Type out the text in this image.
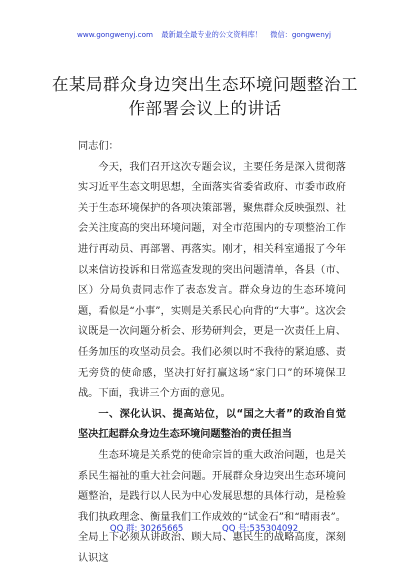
www.gongwenyj.com 最新最全最专业的公文资料库！ 微信：gongwenyj
在某局群众身边突出生态环境问题整治工作部署会议上的讲话

同志们：

今天，我们召开这次专题会议，主要任务是深入贯彻落实习近平生态文明思想，全面落实省委省政府、市委市政府关于生态环境保护的各项决策部署，聚焦群众反映强烈、社会关注度高的突出环境问题，对全市范围内的专项整治工作进行再动员、再部署、再落实。刚才，相关科室通报了今年以来信访投诉和日常巡查发现的突出问题清单，各县（市、区）分局负责同志作了表态发言。群众身边的生态环境问题，看似是“小事”，实则是关系民心向背的“大事”。这次会议既是一次问题分析会、形势研判会，更是一次责任上肩、任务加压的攻坚动员会。我们必须以时不我待的紧迫感、责无旁贷的使命感，坚决打好打赢这场“家门口”的环境保卫战。下面，我讲三个方面的意见。

一、深化认识、提高站位，以“国之大者”的政治自觉坚决扛起群众身边生态环境问题整治的责任担当

生态环境是关系党的使命宗旨的重大政治问题，也是关系民生福祉的重大社会问题。开展群众身边突出生态环境问题整治，是践行以人民为中心发展思想的具体行动，是检验我们执政理念、衡量我们工作成效的“试金石”和“晴雨表”。全局上下必须从讲政治、顾大局、惠民生的战略高度，深刻认识这

QQ 群: 30265665	QQ 号:535304092
